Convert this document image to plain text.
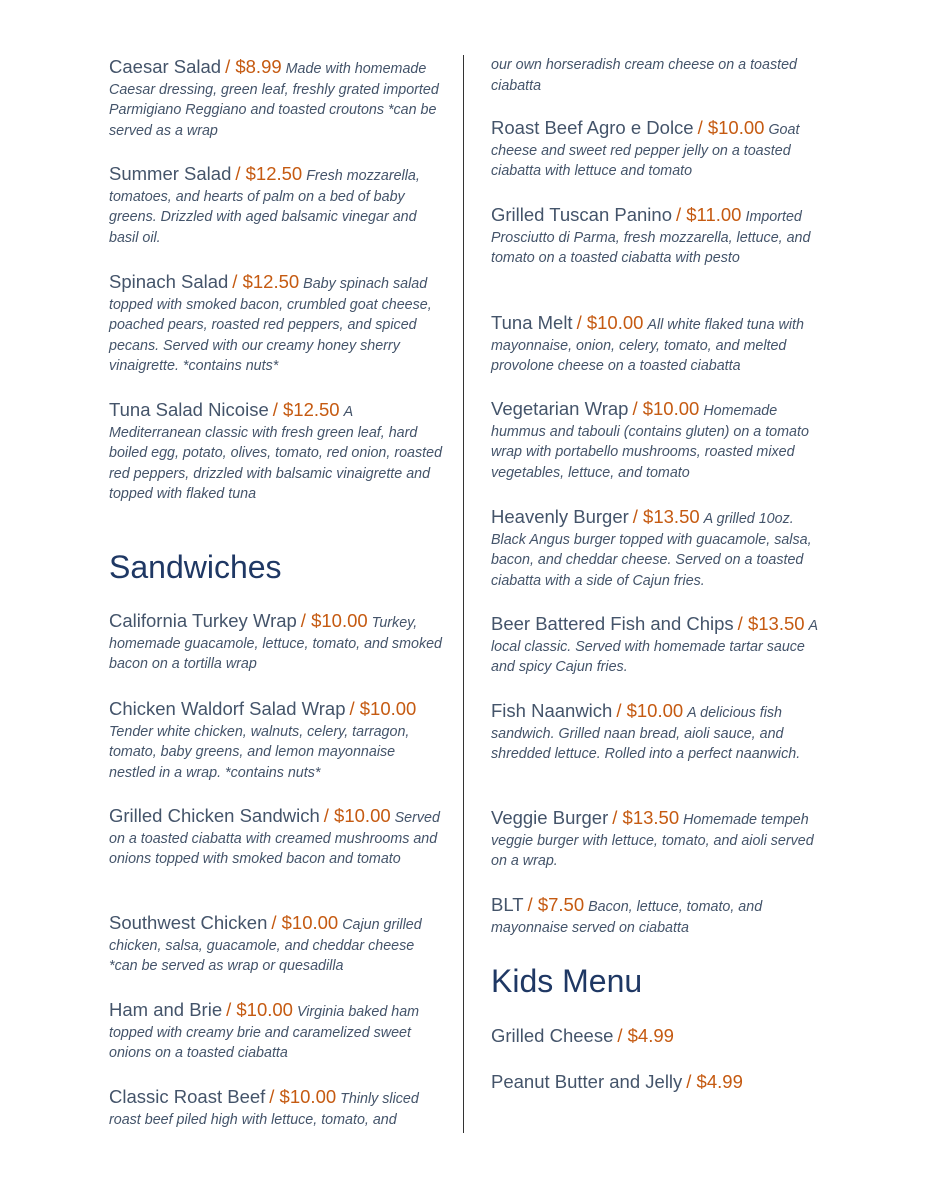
Caesar Salad / $8.99 Made with homemade Caesar dressing, green leaf, freshly grated imported Parmigiano Reggiano and toasted croutons *can be served as a wrap
Summer Salad / $12.50 Fresh mozzarella, tomatoes, and hearts of palm on a bed of baby greens. Drizzled with aged balsamic vinegar and basil oil.
Spinach Salad / $12.50 Baby spinach salad topped with smoked bacon, crumbled goat cheese, poached pears, roasted red peppers, and spiced pecans. Served with our creamy honey sherry vinaigrette. *contains nuts*
Tuna Salad Nicoise / $12.50 A Mediterranean classic with fresh green leaf, hard boiled egg, potato, olives, tomato, red onion, roasted red peppers, drizzled with balsamic vinaigrette and topped with flaked tuna
Sandwiches
California Turkey Wrap / $10.00 Turkey, homemade guacamole, lettuce, tomato, and smoked bacon on a tortilla wrap
Chicken Waldorf Salad Wrap / $10.00 Tender white chicken, walnuts, celery, tarragon, tomato, baby greens, and lemon mayonnaise nestled in a wrap. *contains nuts*
Grilled Chicken Sandwich / $10.00 Served on a toasted ciabatta with creamed mushrooms and onions topped with smoked bacon and tomato
Southwest Chicken / $10.00 Cajun grilled chicken, salsa, guacamole, and cheddar cheese *can be served as wrap or quesadilla
Ham and Brie / $10.00 Virginia baked ham topped with creamy brie and caramelized sweet onions on a toasted ciabatta
Classic Roast Beef / $10.00 Thinly sliced roast beef piled high with lettuce, tomato, and
our own horseradish cream cheese on a toasted ciabatta
Roast Beef Agro e Dolce / $10.00 Goat cheese and sweet red pepper jelly on a toasted ciabatta with lettuce and tomato
Grilled Tuscan Panino / $11.00 Imported Prosciutto di Parma, fresh mozzarella, lettuce, and tomato on a toasted ciabatta with pesto
Tuna Melt / $10.00 All white flaked tuna with mayonnaise, onion, celery, tomato, and melted provolone cheese on a toasted ciabatta
Vegetarian Wrap / $10.00 Homemade hummus and tabouli (contains gluten) on a tomato wrap with portabello mushrooms, roasted mixed vegetables, lettuce, and tomato
Heavenly Burger / $13.50 A grilled 10oz. Black Angus burger topped with guacamole, salsa, bacon, and cheddar cheese. Served on a toasted ciabatta with a side of Cajun fries.
Beer Battered Fish and Chips / $13.50 A local classic. Served with homemade tartar sauce and spicy Cajun fries.
Fish Naanwich / $10.00 A delicious fish sandwich. Grilled naan bread, aioli sauce, and shredded lettuce. Rolled into a perfect naanwich.
Veggie Burger / $13.50 Homemade tempeh veggie burger with lettuce, tomato, and aioli served on a wrap.
BLT / $7.50 Bacon, lettuce, tomato, and mayonnaise served on ciabatta
Kids Menu
Grilled Cheese / $4.99
Peanut Butter and Jelly / $4.99
